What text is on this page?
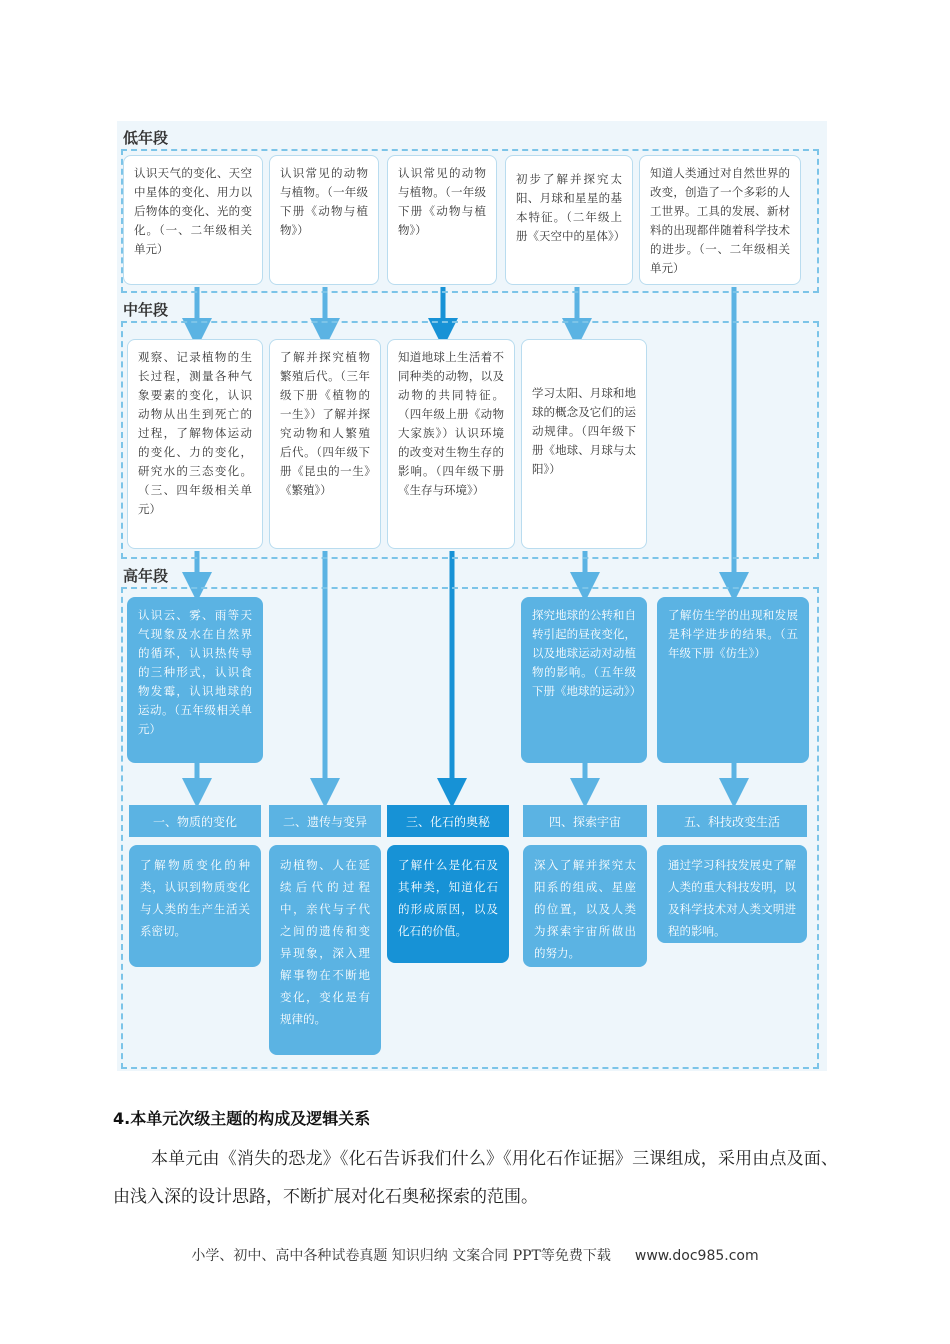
低年段
认识天气的变化、天空中星体的变化、用力以后物体的变化、光的变化。（一、二年级相关单元）
认识常见的动物与植物。（一年级下册《动物与植物》）
认识常见的动物与植物。（一年级下册《动物与植物》）
初步了解并探究太阳、月球和星星的基本特征。（二年级上册《天空中的星体》）
知道人类通过对自然世界的改变，创造了一个多彩的人工世界。工具的发展、新材料的出现都伴随着科学技术的进步。（一、二年级相关单元）
中年段
观察、记录植物的生长过程，测量各种气象要素的变化，认识动物从出生到死亡的过程，了解物体运动的变化、力的变化，研究水的三态变化。（三、四年级相关单元）
了解并探究植物繁殖后代。（三年级下册《植物的一生》）了解并探究动物和人繁殖后代。（四年级下册《昆虫的一生》《繁殖》）
知道地球上生活着不同种类的动物，以及动物的共同特征。（四年级上册《动物大家族》）认识环境的改变对生物生存的影响。（四年级下册《生存与环境》）
学习太阳、月球和地球的概念及它们的运动规律。（四年级下册《地球、月球与太阳》）
高年段
认识云、雾、雨等天气现象及水在自然界的循环，认识热传导的三种形式，认识食物发霉，认识地球的运动。（五年级相关单元）
探究地球的公转和自转引起的昼夜变化，以及地球运动对动植物的影响。（五年级下册《地球的运动》）
了解仿生学的出现和发展是科学进步的结果。（五年级下册《仿生》）
一、物质的变化	二、遗传与变异	三、化石的奥秘	四、探索宇宙	五、科技改变生活
了解物质变化的种类，认识到物质变化与人类的生产生活关系密切。
动植物、人在延续后代的过程中，亲代与子代之间的遗传和变异现象，深入理解事物在不断地变化，变化是有规律的。
了解什么是化石及其种类，知道化石的形成原因，以及化石的价值。
深入了解并探究太阳系的组成、星座的位置，以及人类为探索宇宙所做出的努力。
通过学习科技发展史了解人类的重大科技发明，以及科学技术对人类文明进程的影响。
4.本单元次级主题的构成及逻辑关系
本单元由《消失的恐龙》《化石告诉我们什么》《用化石作证据》三课组成，采用由点及面、由浅入深的设计思路，不断扩展对化石奥秘探索的范围。
小学、初中、高中各种试卷真题 知识归纳 文案合同 PPT等免费下载 www.doc985.com
